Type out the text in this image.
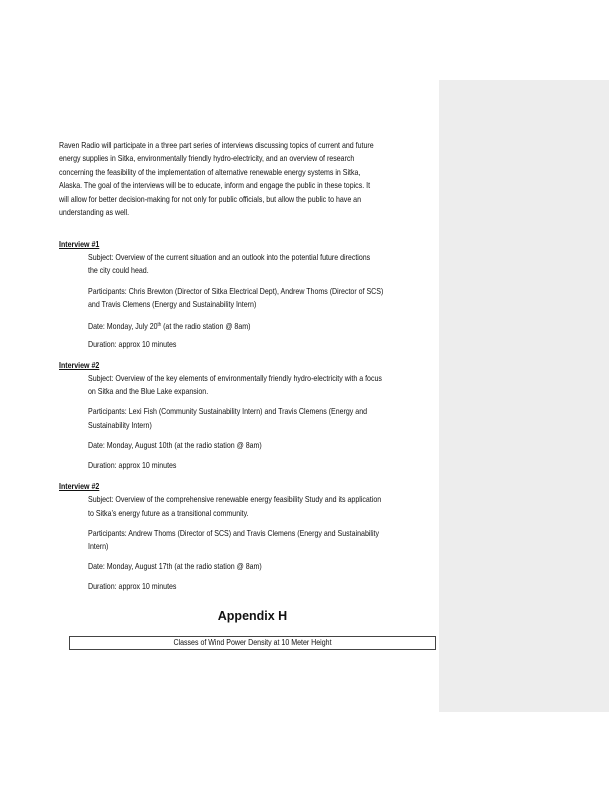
Raven Radio will participate in a three part series of interviews discussing topics of current and future
energy supplies in Sitka, environmentally friendly hydro-electricity, and an overview of research
concerning the feasibility of the implementation of alternative renewable energy systems in Sitka,
Alaska. The goal of the interviews will be to educate, inform and engage the public in these topics. It
will allow for better decision-making for not only for public officials, but allow the public to have an
understanding as well.
Interview #1
Subject: Overview of the current situation and an outlook into the potential future directions
the city could head.
Participants: Chris Brewton (Director of Sitka Electrical Dept), Andrew Thoms (Director of SCS)
and Travis Clemens (Energy and Sustainability Intern)
Date: Monday, July 20th (at the radio station @ 8am)
Duration: approx 10 minutes
Interview #2
Subject: Overview of the key elements of environmentally friendly hydro-electricity with a focus
on Sitka and the Blue Lake expansion.
Participants: Lexi Fish (Community Sustainability Intern) and Travis Clemens (Energy and
Sustainability Intern)
Date: Monday, August 10th (at the radio station @ 8am)
Duration: approx 10 minutes
Interview #2
Subject: Overview of the comprehensive renewable energy feasibility Study and its application
to Sitka’s energy future as a transitional community.
Participants: Andrew Thoms (Director of SCS) and Travis Clemens (Energy and Sustainability
Intern)
Date: Monday, August 17th (at the radio station @ 8am)
Duration: approx 10 minutes
Appendix H
Classes of Wind Power Density at 10 Meter Height
